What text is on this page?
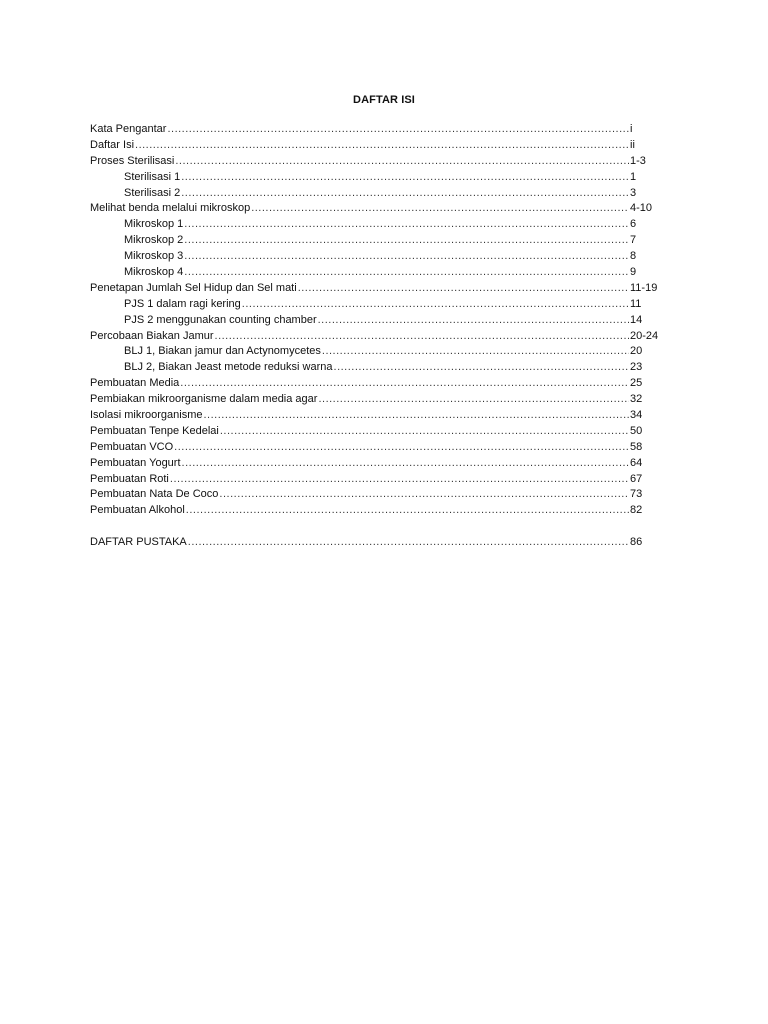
DAFTAR ISI
Kata Pengantar .....	i
Daftar Isi .....	ii
Proses Sterilisasi .....	1-3
Sterilisasi 1 .....	1
Sterilisasi 2 .....	3
Melihat benda melalui mikroskop .....	4-10
Mikroskop 1 .....	6
Mikroskop 2 .....	7
Mikroskop 3 .....	8
Mikroskop 4 .....	9
Penetapan Jumlah Sel Hidup dan Sel mati .....	11-19
PJS 1 dalam ragi kering .....	11
PJS 2 menggunakan counting chamber .....	14
Percobaan Biakan Jamur .....	20-24
BLJ 1, Biakan jamur dan Actynomycetes .....	20
BLJ 2, Biakan Jeast metode reduksi warna .....	23
Pembuatan Media .....	25
Pembiakan mikroorganisme dalam media agar .....	32
Isolasi mikroorganisme .....	34
Pembuatan Tenpe Kedelai .....	50
Pembuatan VCO .....	58
Pembuatan Yogurt .....	64
Pembuatan Roti .....	67
Pembuatan Nata De Coco .....	73
Pembuatan Alkohol .....	82
DAFTAR PUSTAKA .....	86
